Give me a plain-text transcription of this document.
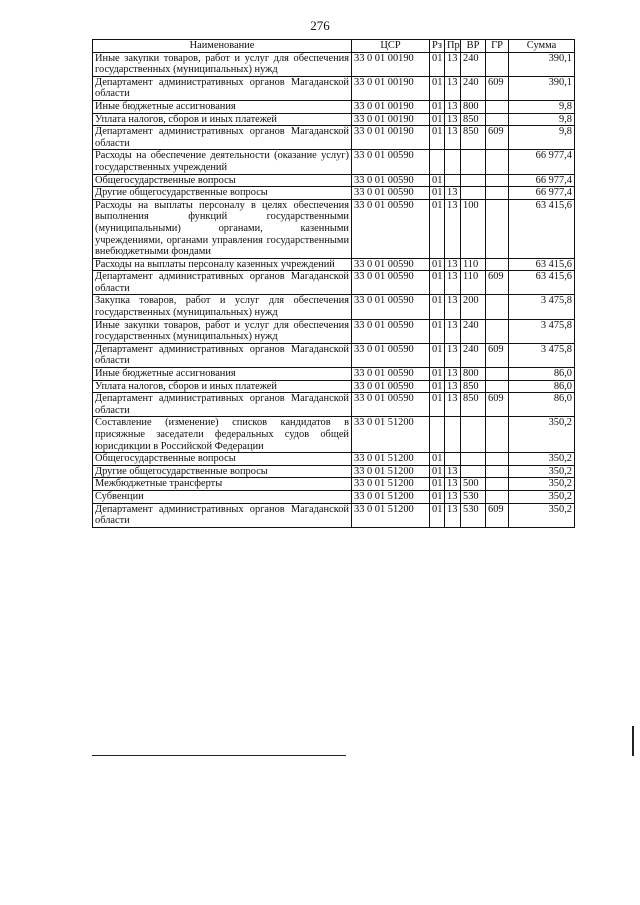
276
Наименование	ЦСР	Рз	Пр	ВР	ГР	Сумма
Иные закупки товаров, работ и услуг для обеспечения государственных (муниципальных) нужд	33 0 01 00190	01	13	240		390,1
Департамент административных органов Магаданской области	33 0 01 00190	01	13	240	609	390,1
Иные бюджетные ассигнования	33 0 01 00190	01	13	800		9,8
Уплата налогов, сборов и иных платежей	33 0 01 00190	01	13	850		9,8
Департамент административных органов Магаданской области	33 0 01 00190	01	13	850	609	9,8
Расходы на обеспечение деятельности (оказание услуг) государственных учреждений	33 0 01 00590					66 977,4
Общегосударственные вопросы	33 0 01 00590	01				66 977,4
Другие общегосударственные вопросы	33 0 01 00590	01	13			66 977,4
Расходы на выплаты персоналу в целях обеспечения выполнения функций государственными (муниципальными) органами, казенными учреждениями, органами управления государственными внебюджетными фондами	33 0 01 00590	01	13	100		63 415,6
Расходы на выплаты персоналу казенных учреждений	33 0 01 00590	01	13	110		63 415,6
Департамент административных органов Магаданской области	33 0 01 00590	01	13	110	609	63 415,6
Закупка товаров, работ и услуг для обеспечения государственных (муниципальных) нужд	33 0 01 00590	01	13	200		3 475,8
Иные закупки товаров, работ и услуг для обеспечения государственных (муниципальных) нужд	33 0 01 00590	01	13	240		3 475,8
Департамент административных органов Магаданской области	33 0 01 00590	01	13	240	609	3 475,8
Иные бюджетные ассигнования	33 0 01 00590	01	13	800		86,0
Уплата налогов, сборов и иных платежей	33 0 01 00590	01	13	850		86,0
Департамент административных органов Магаданской области	33 0 01 00590	01	13	850	609	86,0
Составление (изменение) списков кандидатов в присяжные заседатели федеральных судов общей юрисдикции в Российской Федерации	33 0 01 51200					350,2
Общегосударственные вопросы	33 0 01 51200	01				350,2
Другие общегосударственные вопросы	33 0 01 51200	01	13			350,2
Межбюджетные трансферты	33 0 01 51200	01	13	500		350,2
Субвенции	33 0 01 51200	01	13	530		350,2
Департамент административных органов Магаданской области	33 0 01 51200	01	13	530	609	350,2
